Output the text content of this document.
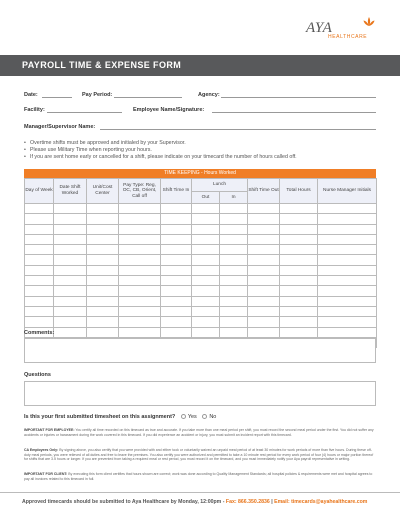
AYA
HEALTHCARE
PAYROLL TIME & EXPENSE FORM
Date:	Pay Period:	Agency:
Facility:	Employee Name/Signature:
Manager/Supervisor Name:
• Overtime shifts must be approved and initialed by your Supervisor.
• Please use Military Time when reporting your hours.
• If you are sent home early or cancelled for a shift, please indicate on your timecard the number of hours called off.
TIME KEEPING - Hours Worked
Day of Week	Date Shift Worked	Unit/Cost Center	Pay Type: Reg, OC, CB, Orient, Call off	Shift Time In	Lunch		Shift Time Out	Total Hours	Nurse Manager Initials
					Out	In			

Comments:
Questions
Is this your first submitted timesheet on this assignment? Yes No
IMPORTANT FOR EMPLOYEE: You certify all time recorded on this timecard as true and accurate. If you take more than one meal period per shift, you must record the second meal period under the first. You did not suffer any accidents or injuries or harassment during the work covered in this timecard. If you did experience an accident or injury, you must submit an incident report with this timecard.
CA Employees Only: By signing above, you also certify that you were provided with and either took or voluntarily waived an unpaid meal period of at least 30 minutes for work periods of more than five hours. During these off-duty meal periods, you were relieved of all duties and free to leave the premises. You also certify you were authorized and permitted to take a 10 minute rest period for every work period of four (4) hours or major portion thereof for shifts that are 3.5 hours or longer. If you are prevented from taking a required meal or rest period, you must record it on the timecard, and you must immediately notify your Aya payroll representative in writing.
IMPORTANT FOR CLIENT: By executing this form client certifies that hours shown are correct; work was done according to Quality Management Standards; all hospital policies & requirements were met and hospital agrees to pay all invoices related to this timecard in full.
Approved timecards should be submitted to Aya Healthcare by Monday, 12:00pm - Fax: 866.350.2836 | Email: timecards@ayahealthcare.com
